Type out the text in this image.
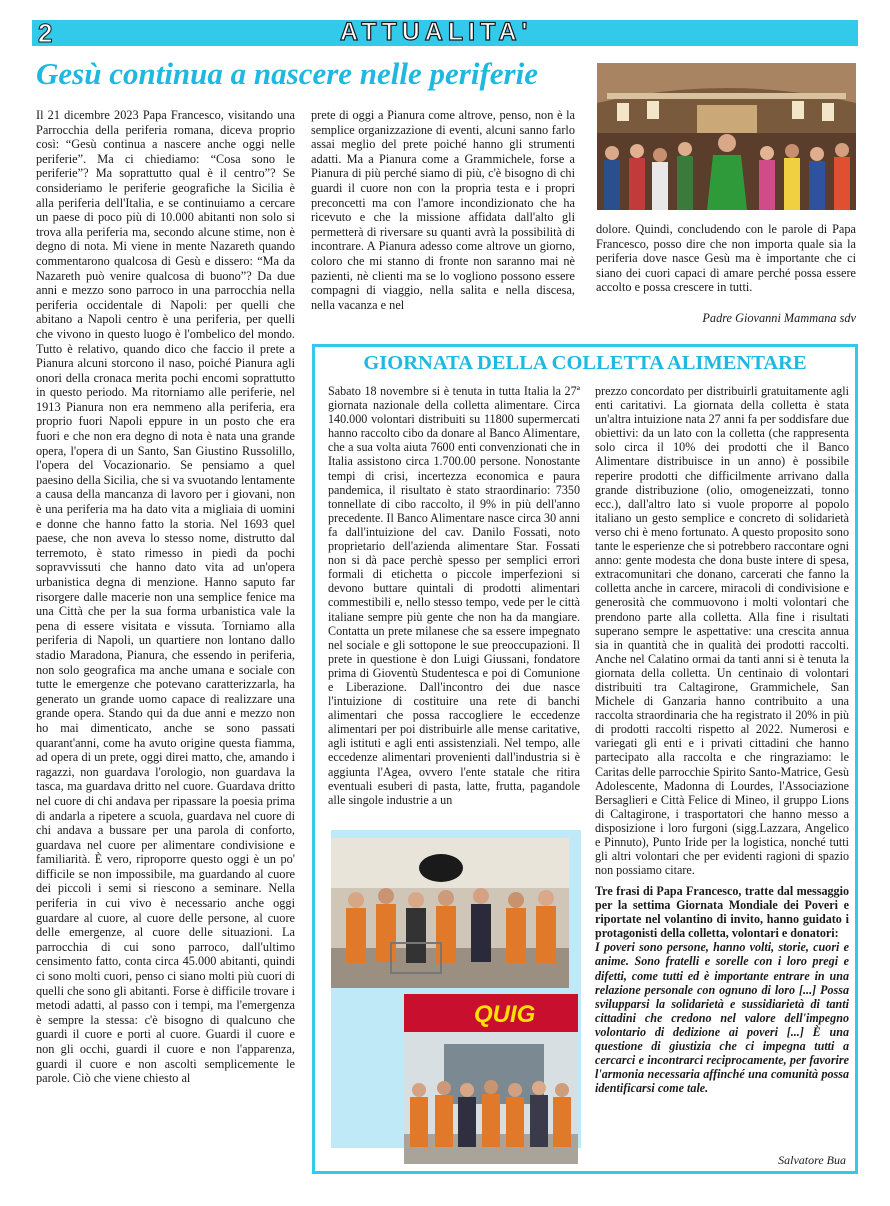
2	ATTUALITA'
Gesù continua a nascere nelle periferie

Il 21 dicembre 2023 Papa Francesco, visitando una Parrocchia della periferia romana, diceva proprio così: “Gesù continua a nascere anche oggi nelle periferie”. Ma ci chiediamo: “Cosa sono le periferie”? Ma soprattutto qual è il centro”? Se consideriamo le periferie geografiche la Sicilia è alla periferia dell'Italia, e se continuiamo a cercare un paese di poco più di 10.000 abitanti non solo si trova alla periferia ma, secondo alcune stime, non è degno di nota. Mi viene in mente Nazareth quando commentarono qualcosa di Gesù e dissero: “Ma da Nazareth può venire qualcosa di buono”? Da due anni e mezzo sono parroco in una parrocchia nella periferia occidentale di Napoli: per quelli che abitano a Napoli centro è una periferia, per quelli che vivono in questo luogo è l'ombelico del mondo. Tutto è relativo, quando dico che faccio il prete a Pianura alcuni storcono il naso, poiché Pianura agli onori della cronaca merita pochi encomi soprattutto in questo periodo. Ma ritorniamo alle periferie, nel 1913 Pianura non era nemmeno alla periferia, era proprio fuori Napoli eppure in un posto che era fuori e che non era degno di nota è nata una grande opera, l'opera di un Santo, San Giustino Russolillo, l'opera del Vocazionario. Se pensiamo a quel paesino della Sicilia, che si va svuotando lentamente a causa della mancanza di lavoro per i giovani, non è una periferia ma ha dato vita a migliaia di uomini e donne che hanno fatto la storia. Nel 1693 quel paese, che non aveva lo stesso nome, distrutto dal terremoto, è stato rimesso in piedi da pochi sopravvissuti che hanno dato vita ad un'opera urbanistica degna di menzione. Hanno saputo far risorgere dalle macerie non una semplice fenice ma una Città che per la sua forma urbanistica vale la pena di essere visitata e vissuta. Torniamo alla periferia di Napoli, un quartiere non lontano dallo stadio Maradona, Pianura, che essendo in periferia, non solo geografica ma anche umana e sociale con tutte le emergenze che potevano caratterizzarla, ha generato un grande uomo capace di realizzare una grande opera. Stando qui da due anni e mezzo non ho mai dimenticato, anche se sono passati quarant'anni, come ha avuto origine questa fiamma, ad opera di un prete, oggi direi matto, che, amando i ragazzi, non guardava l'orologio, non guardava la tasca, ma guardava dritto nel cuore. Guardava dritto nel cuore di chi andava per ripassare la poesia prima di andarla a ripetere a scuola, guardava nel cuore di chi andava a bussare per una parola di conforto, guardava nel cuore per alimentare condivisione e familiarità. È vero, riproporre questo oggi è un po' difficile se non impossibile, ma guardando al cuore dei piccoli i semi si riescono a seminare. Nella periferia in cui vivo è necessario anche oggi guardare al cuore, al cuore delle persone, al cuore delle emergenze, al cuore delle situazioni. La parrocchia di cui sono parroco, dall'ultimo censimento fatto, conta circa 45.000 abitanti, quindi ci sono molti cuori, penso ci siano molti più cuori di quelli che sono gli abitanti. Forse è difficile trovare i metodi adatti, al passo con i tempi, ma l'emergenza è sempre la stessa: c'è bisogno di qualcuno che guardi il cuore e porti al cuore. Guardi il cuore e non gli occhi, guardi il cuore e non l'apparenza, guardi il cuore e non ascolti semplicemente le parole. Ciò che viene chiesto al

prete di oggi a Pianura come altrove, penso, non è la semplice organizzazione di eventi, alcuni sanno farlo assai meglio del prete poiché hanno gli strumenti adatti. Ma a Pianura come a Grammichele, forse a Pianura di più perché siamo di più, c'è bisogno di chi guardi il cuore non con la propria testa e i propri preconcetti ma con l'amore incondizionato che ha ricevuto e che la missione affidata dall'alto gli permetterà di riversare su quanti avrà la possibilità di incontrare. A Pianura adesso come altrove un giorno, coloro che mi stanno di fronte non saranno mai nè pazienti, nè clienti ma se lo vogliono possono essere compagni di viaggio, nella salita e nella discesa, nella vacanza e nel

dolore. Quindi, concludendo con le parole di Papa Francesco, posso dire che non importa quale sia la periferia dove nasce Gesù ma è importante che ci siano dei cuori capaci di amare perché possa essere accolto e possa crescere in tutti.

Padre Giovanni Mammana sdv
GIORNATA DELLA COLLETTA ALIMENTARE

Sabato 18 novembre si è tenuta in tutta Italia la 27ª giornata nazionale della colletta alimentare. Circa 140.000 volontari distribuiti su 11800 supermercati hanno raccolto cibo da donare al Banco Alimentare, che a sua volta aiuta 7600 enti convenzionati che in Italia assistono circa 1.700.00 persone. Nonostante tempi di crisi, incertezza economica e paura pandemica, il risultato è stato straordinario: 7350 tonnellate di cibo raccolto, il 9% in più dell'anno precedente. Il Banco Alimentare nasce circa 30 anni fa dall'intuizione del cav. Danilo Fossati, noto proprietario dell'azienda alimentare Star. Fossati non si dà pace perchè spesso per semplici errori formali di etichetta o piccole imperfezioni si devono buttare quintali di prodotti alimentari commestibili e, nello stesso tempo, vede per le città italiane sempre più gente che non ha da mangiare. Contatta un prete milanese che sa essere impegnato nel sociale e gli sottopone le sue preoccupazioni. Il prete in questione è don Luigi Giussani, fondatore prima di Gioventù Studentesca e poi di Comunione e Liberazione. Dall'incontro dei due nasce l'intuizione di costituire una rete di banchi alimentari che possa raccogliere le eccedenze alimentari per poi distribuirle alle mense caritative, agli istituti e agli enti assistenziali. Nel tempo, alle eccedenze alimentari provenienti dall'industria si è aggiunta l'Agea, ovvero l'ente statale che ritira eventuali esuberi di pasta, latte, frutta, pagandole alle singole industrie a un

QUIG

prezzo concordato per distribuirli gratuitamente agli enti caritativi. La giornata della colletta è stata un'altra intuizione nata 27 anni fa per soddisfare due obiettivi: da un lato con la colletta (che rappresenta solo circa il 10% dei prodotti che il Banco Alimentare distribuisce in un anno) è possibile reperire prodotti che difficilmente arrivano dalla grande distribuzione (olio, omogeneizzati, tonno ecc.), dall'altro lato si vuole proporre al popolo italiano un gesto semplice e concreto di solidarietà verso chi è meno fortunato. A questo proposito sono tante le esperienze che si potrebbero raccontare ogni anno: gente modesta che dona buste intere di spesa, extracomunitari che donano, carcerati che fanno la colletta anche in carcere, miracoli di condivisione e generosità che commuovono i molti volontari che prendono parte alla colletta. Alla fine i risultati superano sempre le aspettative: una crescita annua sia in quantità che in qualità dei prodotti raccolti. Anche nel Calatino ormai da tanti anni si è tenuta la giornata della colletta. Un centinaio di volontari distribuiti tra Caltagirone, Grammichele, San Michele di Ganzaria hanno contribuito a una raccolta straordinaria che ha registrato il 20% in più di prodotti raccolti rispetto al 2022. Numerosi e variegati gli enti e i privati cittadini che hanno partecipato alla raccolta e che ringraziamo: le Caritas delle parrocchie Spirito Santo-Matrice, Gesù Adolescente, Madonna di Lourdes, l'Associazione Bersaglieri e Città Felice di Mineo, il gruppo Lions di Caltagirone, i trasportatori che hanno messo a disposizione i loro furgoni (sigg.Lazzara, Angelico e Pinnuto), Punto Iride per la logistica, nonché tutti gli altri volontari che per evidenti ragioni di spazio non possiamo citare.

Tre frasi di Papa Francesco, tratte dal messaggio per la settima Giornata Mondiale dei Poveri e riportate nel volantino di invito, hanno guidato i protagonisti della colletta, volontari e donatori:

I poveri sono persone, hanno volti, storie, cuori e anime. Sono fratelli e sorelle con i loro pregi e difetti, come tutti ed è importante entrare in una relazione personale con ognuno di loro [...] Possa svilupparsi la solidarietà e sussidiarietà di tanti cittadini che credono nel valore dell'impegno volontario di dedizione ai poveri [...] È una questione di giustizia che ci impegna tutti a cercarci e incontrarci reciprocamente, per favorire l'armonia necessaria affinché una comunità possa identificarsi come tale.

Salvatore Bua
